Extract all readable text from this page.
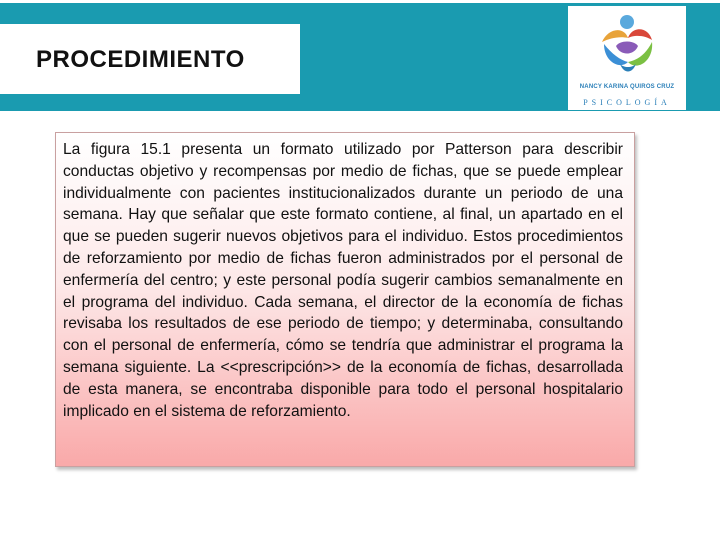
PROCEDIMIENTO
NANCY KARINA QUIROS CRUZ
PSICOLOGÍA

La figura 15.1 presenta un formato utilizado por Patterson para describir conductas objetivo y recompensas por medio de fichas, que se puede emplear individualmente con pacientes institucionalizados durante un periodo de una semana. Hay que señalar que este formato contiene, al final, un apartado en el que se pueden sugerir nuevos objetivos para el individuo. Estos procedimientos de reforzamiento por medio de fichas fueron administrados por el personal de enfermería del centro; y este personal podía sugerir cambios semanalmente en el programa del individuo. Cada semana, el director de la economía de fichas revisaba los resultados de ese periodo de tiempo; y determinaba, consultando con el personal de enfermería, cómo se tendría que administrar el programa la semana siguiente. La <<prescripción>> de la economía de fichas, desarrollada de esta manera, se encontraba disponible para todo el personal hospitalario implicado en el sistema de reforzamiento.
